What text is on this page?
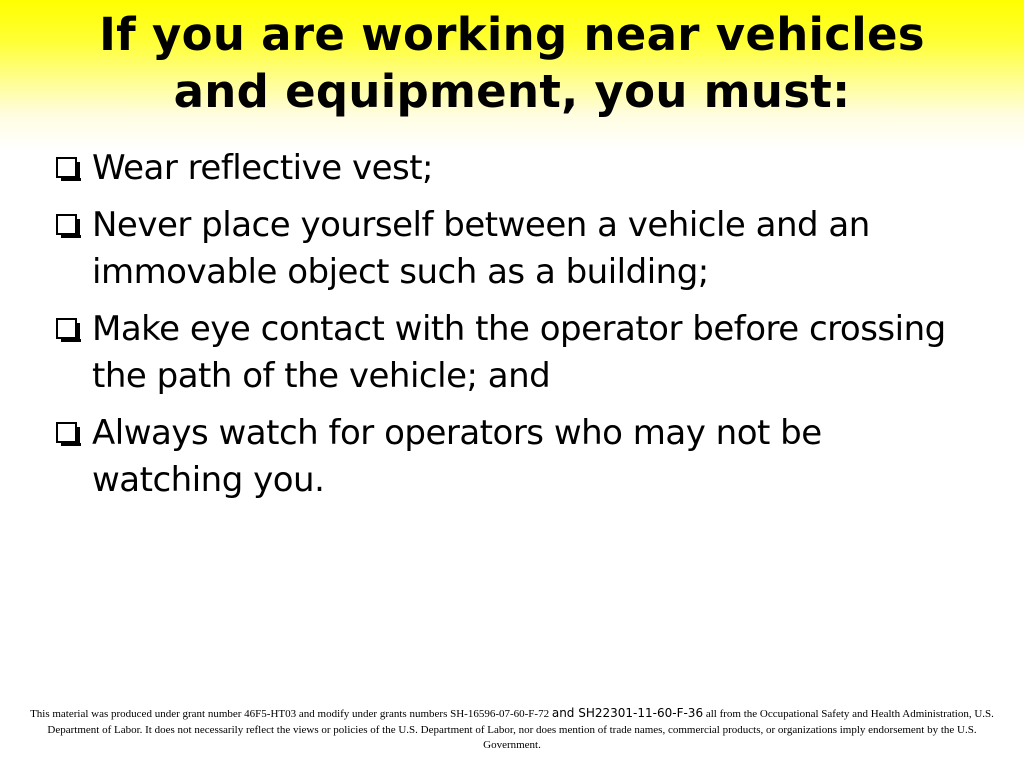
If you are working near vehicles
and equipment, you must:
Wear reflective vest;
Never place yourself between a vehicle and an immovable object such as a building;
Make eye contact with the operator before crossing the path of the vehicle; and
Always watch for operators who may not be watching you.
This material was produced under grant number 46F5-HT03 and modify under grants numbers SH-16596-07-60-F-72 and SH22301-11-60-F-36 all from the Occupational Safety and Health Administration, U.S. Department of Labor. It does not necessarily reflect the views or policies of the U.S. Department of Labor, nor does mention of trade names, commercial products, or organizations imply endorsement by the U.S. Government.
